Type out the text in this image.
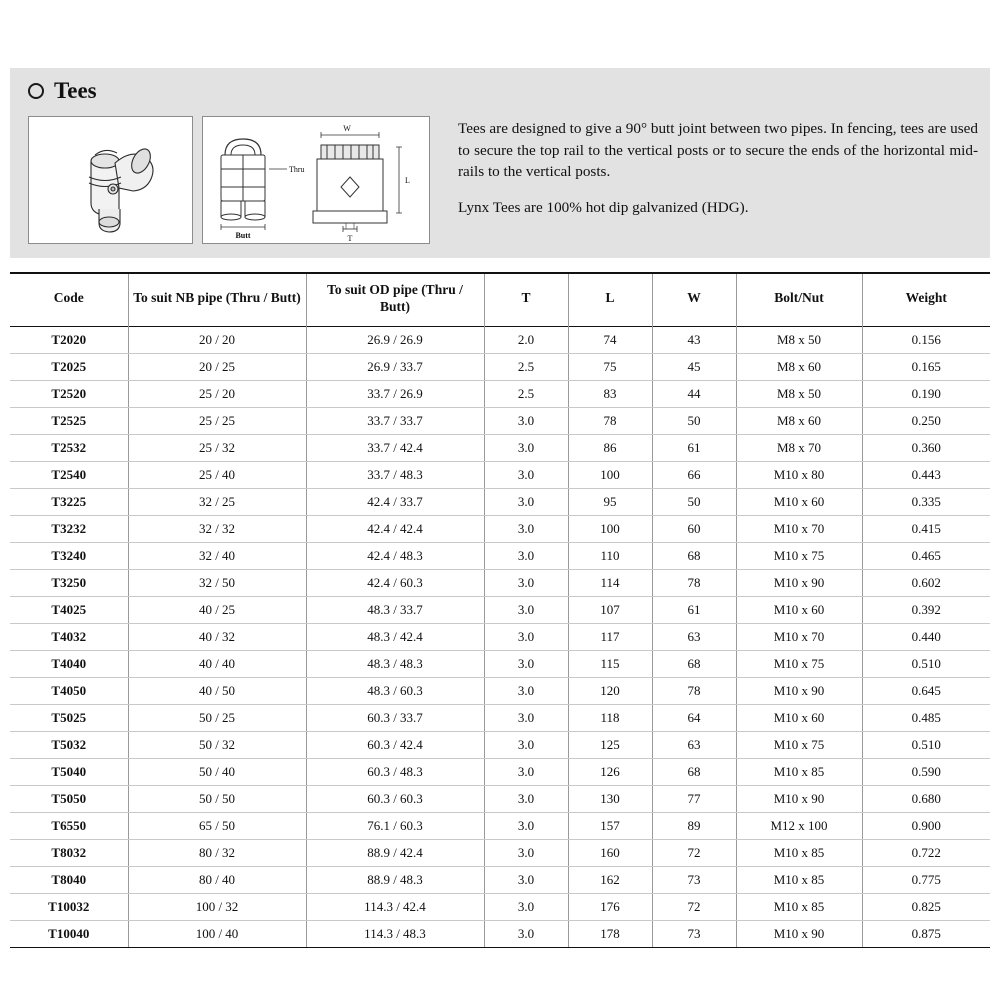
Tees
W
L
T
Thru
Butt

Tees are designed to give a 90° butt joint between two pipes. In fencing, tees are used to secure the top rail to the vertical posts or to secure the ends of the horizontal mid-rails to the vertical posts.

Lynx Tees are 100% hot dip galvanized (HDG).

Code	To suit NB pipe (Thru / Butt)	To suit OD pipe (Thru / Butt)	T	L	W	Bolt/Nut	Weight
T2020	20 / 20	26.9 / 26.9	2.0	74	43	M8 x 50	0.156
T2025	20 / 25	26.9 / 33.7	2.5	75	45	M8 x 60	0.165
T2520	25 / 20	33.7 / 26.9	2.5	83	44	M8 x 50	0.190
T2525	25 / 25	33.7 / 33.7	3.0	78	50	M8 x 60	0.250
T2532	25 / 32	33.7 / 42.4	3.0	86	61	M8 x 70	0.360
T2540	25 / 40	33.7 / 48.3	3.0	100	66	M10 x 80	0.443
T3225	32 / 25	42.4 / 33.7	3.0	95	50	M10 x 60	0.335
T3232	32 / 32	42.4 / 42.4	3.0	100	60	M10 x 70	0.415
T3240	32 / 40	42.4 / 48.3	3.0	110	68	M10 x 75	0.465
T3250	32 / 50	42.4 / 60.3	3.0	114	78	M10 x 90	0.602
T4025	40 / 25	48.3 / 33.7	3.0	107	61	M10 x 60	0.392
T4032	40 / 32	48.3 / 42.4	3.0	117	63	M10 x 70	0.440
T4040	40 / 40	48.3 / 48.3	3.0	115	68	M10 x 75	0.510
T4050	40 / 50	48.3 / 60.3	3.0	120	78	M10 x 90	0.645
T5025	50 / 25	60.3 / 33.7	3.0	118	64	M10 x 60	0.485
T5032	50 / 32	60.3 / 42.4	3.0	125	63	M10 x 75	0.510
T5040	50 / 40	60.3 / 48.3	3.0	126	68	M10 x 85	0.590
T5050	50 / 50	60.3 / 60.3	3.0	130	77	M10 x 90	0.680
T6550	65 / 50	76.1 / 60.3	3.0	157	89	M12 x 100	0.900
T8032	80 / 32	88.9 / 42.4	3.0	160	72	M10 x 85	0.722
T8040	80 / 40	88.9 / 48.3	3.0	162	73	M10 x 85	0.775
T10032	100 / 32	114.3 / 42.4	3.0	176	72	M10 x 85	0.825
T10040	100 / 40	114.3 / 48.3	3.0	178	73	M10 x 90	0.875
